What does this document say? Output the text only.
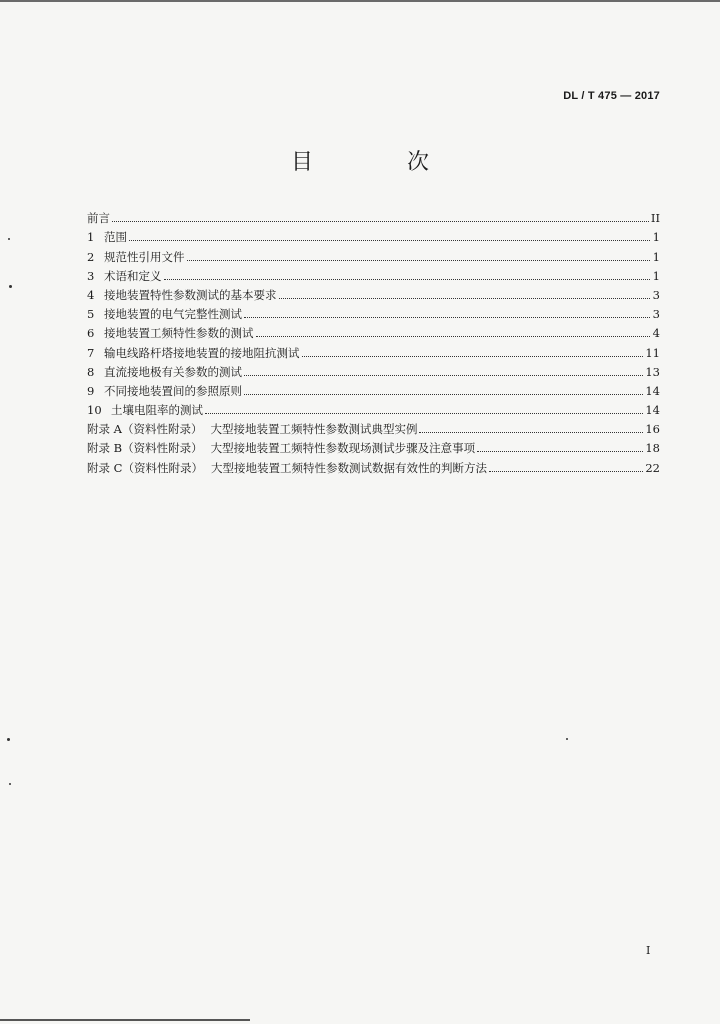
DL / T 475 — 2017
目　次
前言	II
1 范围	1
2 规范性引用文件	1
3 术语和定义	1
4 接地装置特性参数测试的基本要求	3
5 接地装置的电气完整性测试	3
6 接地装置工频特性参数的测试	4
7 输电线路杆塔接地装置的接地阻抗测试	11
8 直流接地极有关参数的测试	13
9 不同接地装置间的参照原则	14
10 土壤电阻率的测试	14
附录 A（资料性附录） 大型接地装置工频特性参数测试典型实例	16
附录 B（资料性附录） 大型接地装置工频特性参数现场测试步骤及注意事项	18
附录 C（资料性附录） 大型接地装置工频特性参数测试数据有效性的判断方法	22
I
